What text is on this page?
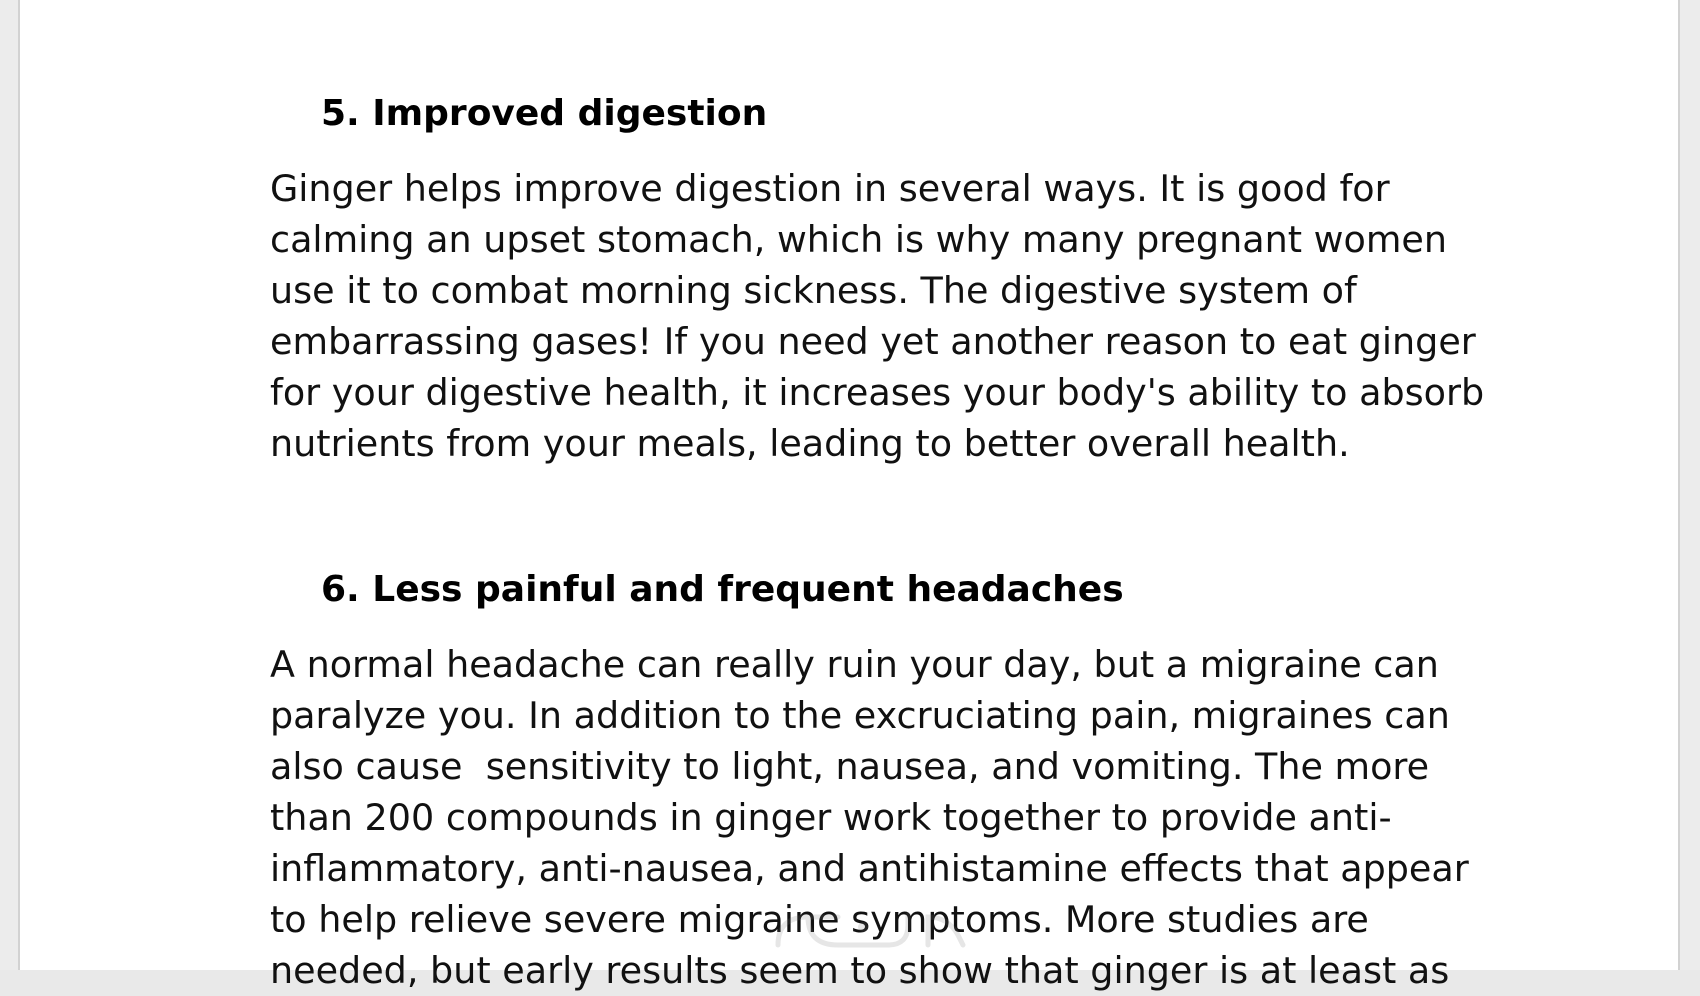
5. Improved digestion

Ginger helps improve digestion in several ways. It is good for
calming an upset stomach, which is why many pregnant women
use it to combat morning sickness. The digestive system of
embarrassing gases! If you need yet another reason to eat ginger
for your digestive health, it increases your body's ability to absorb
nutrients from your meals, leading to better overall health.

6. Less painful and frequent headaches

A normal headache can really ruin your day, but a migraine can
paralyze you. In addition to the excruciating pain, migraines can
also cause  sensitivity to light, nausea, and vomiting. The more
than 200 compounds in ginger work together to provide anti-
inflammatory, anti-nausea, and antihistamine effects that appear
to help relieve severe migraine symptoms. More studies are
needed, but early results seem to show that ginger is at least as
